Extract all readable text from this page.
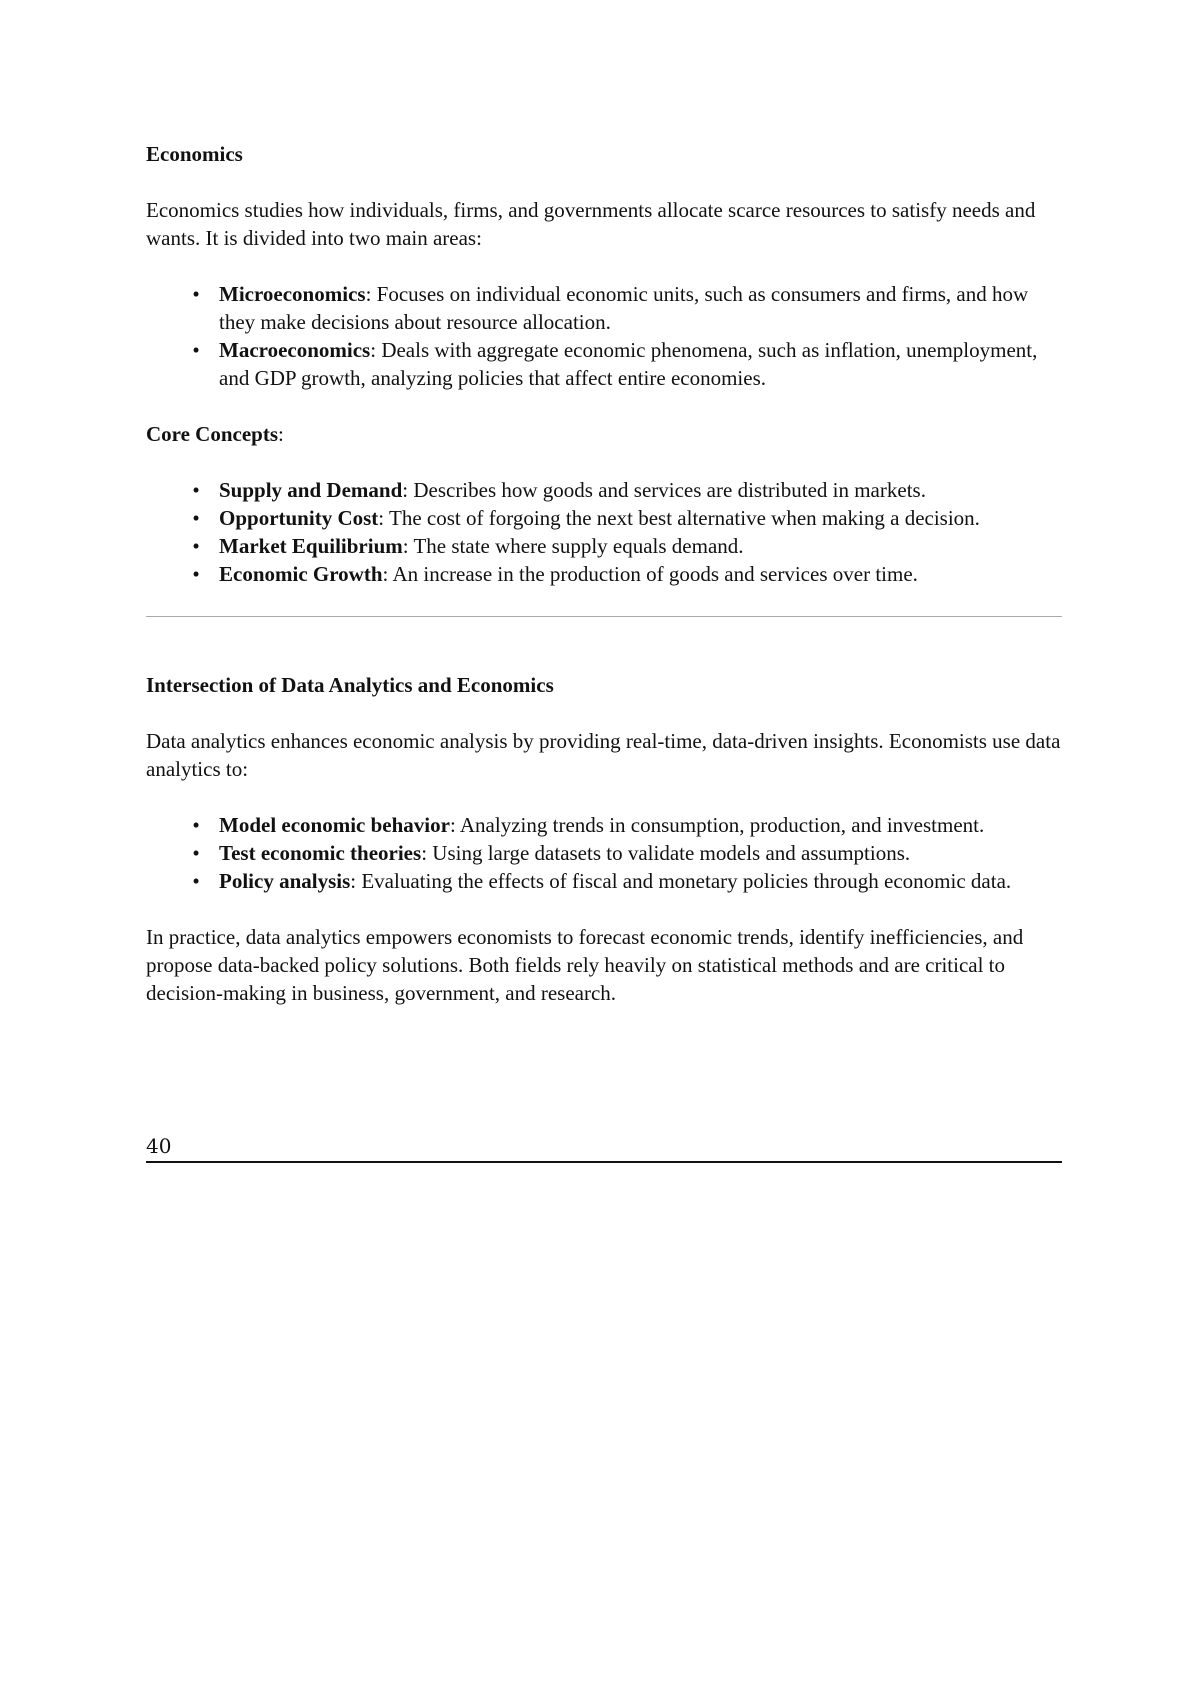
Economics

Economics studies how individuals, firms, and governments allocate scarce resources to satisfy needs and wants. It is divided into two main areas:

• Microeconomics: Focuses on individual economic units, such as consumers and firms, and how they make decisions about resource allocation.
• Macroeconomics: Deals with aggregate economic phenomena, such as inflation, unemployment, and GDP growth, analyzing policies that affect entire economies.

Core Concepts:

• Supply and Demand: Describes how goods and services are distributed in markets.
• Opportunity Cost: The cost of forgoing the next best alternative when making a decision.
• Market Equilibrium: The state where supply equals demand.
• Economic Growth: An increase in the production of goods and services over time.
Intersection of Data Analytics and Economics

Data analytics enhances economic analysis by providing real-time, data-driven insights. Economists use data analytics to:

• Model economic behavior: Analyzing trends in consumption, production, and investment.
• Test economic theories: Using large datasets to validate models and assumptions.
• Policy analysis: Evaluating the effects of fiscal and monetary policies through economic data.

In practice, data analytics empowers economists to forecast economic trends, identify inefficiencies, and propose data-backed policy solutions. Both fields rely heavily on statistical methods and are critical to decision-making in business, government, and research.

40
